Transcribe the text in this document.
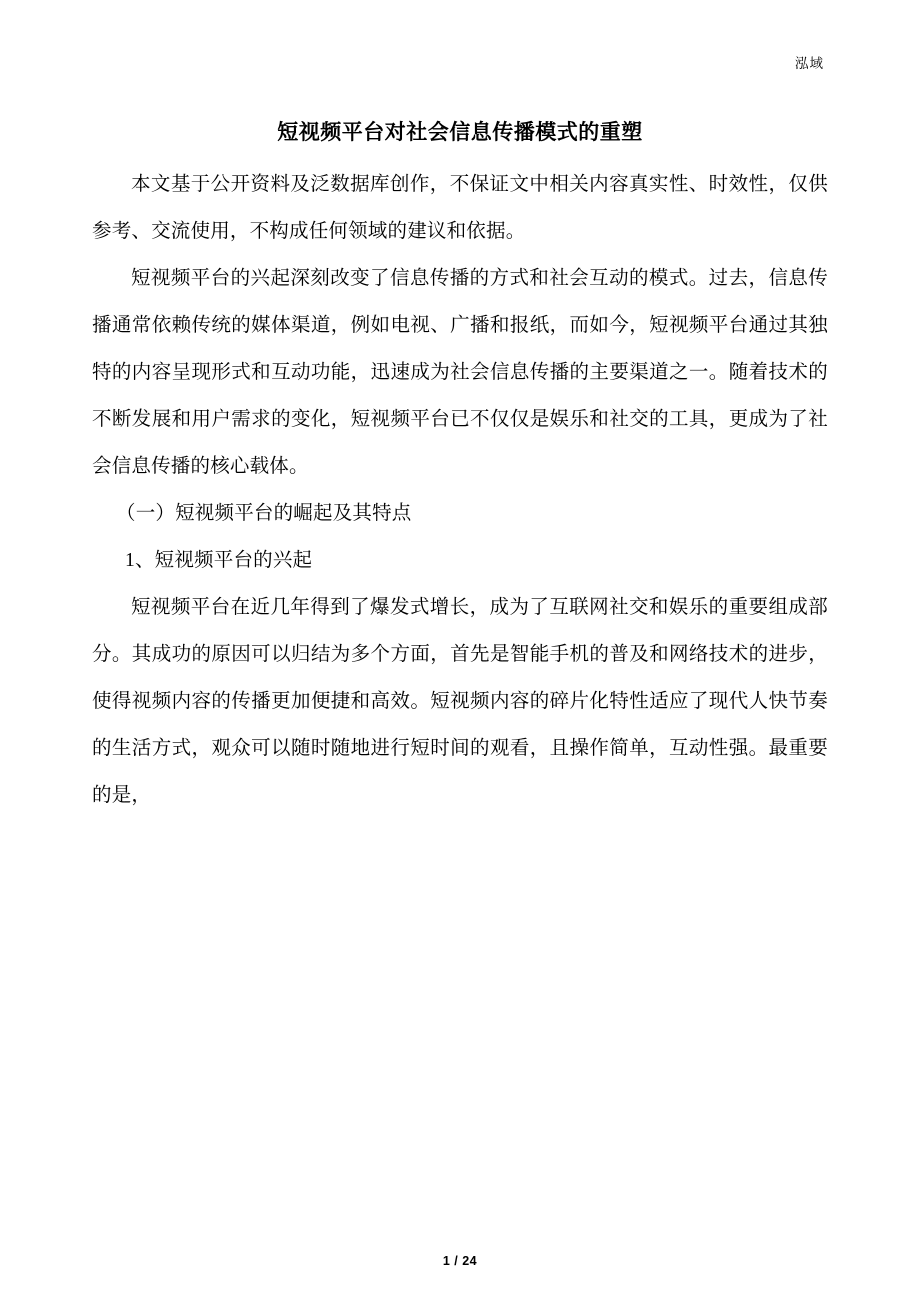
泓域
短视频平台对社会信息传播模式的重塑

本文基于公开资料及泛数据库创作，不保证文中相关内容真实性、时效性，仅供参考、交流使用，不构成任何领域的建议和依据。

短视频平台的兴起深刻改变了信息传播的方式和社会互动的模式。过去，信息传播通常依赖传统的媒体渠道，例如电视、广播和报纸，而如今，短视频平台通过其独特的内容呈现形式和互动功能，迅速成为社会信息传播的主要渠道之一。随着技术的不断发展和用户需求的变化，短视频平台已不仅仅是娱乐和社交的工具，更成为了社会信息传播的核心载体。

（一）短视频平台的崛起及其特点

1、短视频平台的兴起

短视频平台在近几年得到了爆发式增长，成为了互联网社交和娱乐的重要组成部分。其成功的原因可以归结为多个方面，首先是智能手机的普及和网络技术的进步，使得视频内容的传播更加便捷和高效。短视频内容的碎片化特性适应了现代人快节奏的生活方式，观众可以随时随地进行短时间的观看，且操作简单，互动性强。最重要的是，

1 / 24
